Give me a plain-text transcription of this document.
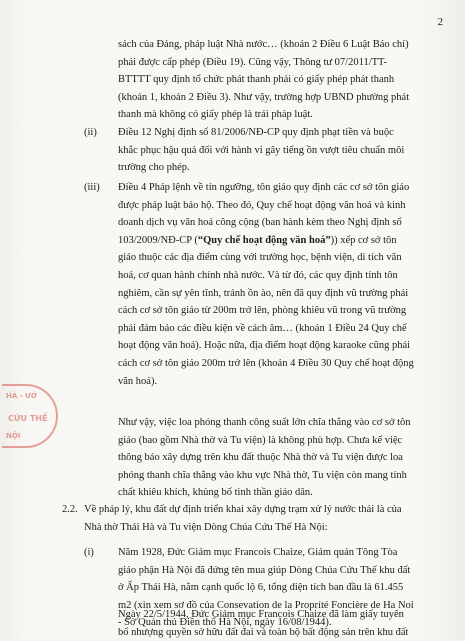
2
sách của Đảng, pháp luật Nhà nước… (khoản 2 Điều 6 Luật Báo chí)
phải được cấp phép (Điều 19). Cũng vậy, Thông tư 07/2011/TT-
BTTTT quy định tổ chức phát thanh phải có giấy phép phát thanh
(khoản 1, khoản 2 Điều 3). Như vậy, trường hợp UBND phường phát
thanh mà không có giấy phép là trái pháp luật.
(ii) Điều 12 Nghị định số 81/2006/NĐ-CP quy định phạt tiền và buộc
khắc phục hậu quả đối với hành vi gây tiếng ồn vượt tiêu chuẩn môi
trường cho phép.
(iii) Điều 4 Pháp lệnh về tín ngưỡng, tôn giáo quy định các cơ sở tôn giáo
được pháp luật bảo hộ. Theo đó, Quy chế hoạt động văn hoá và kinh
doanh dịch vụ văn hoá công cộng (ban hành kèm theo Nghị định số
103/2009/NĐ-CP (“Quy chế hoạt động văn hoá”)) xếp cơ sở tôn
giáo thuộc các địa điểm cùng với trường học, bệnh viện, di tích văn
hoá, cơ quan hành chính nhà nước. Và từ đó, các quy định tính tôn
nghiêm, cần sự yên tĩnh, tránh ồn ào, nên đã quy định vũ trường phải
cách cơ sở tôn giáo từ 200m trở lên, phòng khiêu vũ trong vũ trường
phải đảm bảo các điều kiện về cách âm… (khoản 1 Điều 24 Quy chế
hoạt động văn hoá). Hoặc nữa, địa điểm hoạt động karaoke cũng phải
cách cơ sở tôn giáo 200m trở lên (khoản 4 Điều 30 Quy chế hoạt động
văn hoá).
Như vậy, việc loa phóng thanh công suất lớn chĩa thẳng vào cơ sở tôn
giáo (bao gồm Nhà thờ và Tu viện) là không phù hợp. Chưa kể việc
thông báo xây dựng trên khu đất thuộc Nhà thờ và Tu viện được loa
phóng thanh chĩa thẳng vào khu vực Nhà thờ, Tu viện còn mang tính
chất khiêu khích, khủng bố tinh thần giáo dân.
2.2. Về pháp lý, khu đất dự định triển khai xây dựng trạm xử lý nước thải là của
Nhà thờ Thái Hà và Tu viện Dòng Chúa Cứu Thế Hà Nội:
(i) Năm 1928, Đức Giám mục Francois Chaize, Giám quản Tông Tòa
giáo phận Hà Nội đã đứng tên mua giúp Dòng Chúa Cứu Thế khu đất
ở Ấp Thái Hà, nằm cạnh quốc lộ 6, tổng diện tích ban đầu là 61.455
m2 (xin xem sơ đồ của Consevation de la Propríté Foncière de Ha Noi
- Sở Quản thủ Điền thổ Hà Nội, ngày 16/08/1944).
Ngày 22/5/1944, Đức Giám mục Francois Chaize đã làm giấy tuyên
bố nhượng quyền sở hữu đất đai và toàn bộ bất động sản trên khu đất
HÀ - ƯỚ
CỨU THẾ
NỘI
